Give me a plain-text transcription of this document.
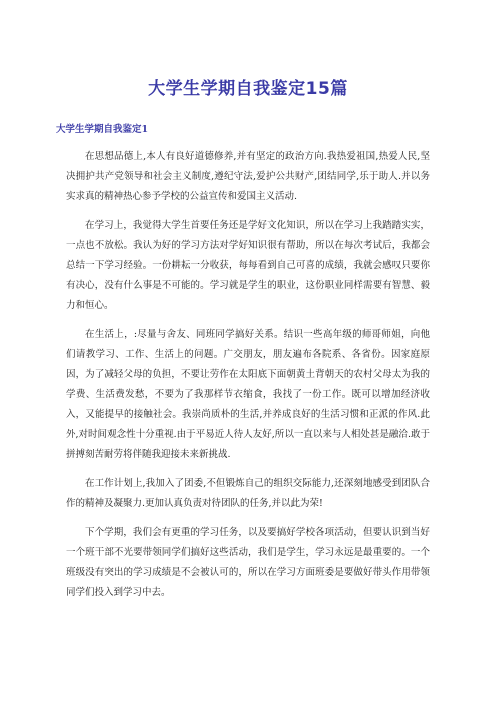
大学生学期自我鉴定15篇
大学生学期自我鉴定1

在思想品德上,本人有良好道德修养,并有坚定的政治方向.我热爱祖国,热爱人民,坚决拥护共产党领导和社会主义制度,遵纪守法,爱护公共财产,团结同学,乐于助人.并以务实求真的精神热心参予学校的公益宣传和爱国主义活动.

在学习上，我觉得大学生首要任务还是学好文化知识，所以在学习上我踏踏实实，一点也不放松。我认为好的学习方法对学好知识很有帮助，所以在每次考试后，我都会总结一下学习经验。一份耕耘一分收获，每每看到自己可喜的成绩，我就会感叹只要你有决心，没有什么事是不可能的。学习就是学生的职业，这份职业同样需要有智慧、毅力和恒心。

在生活上，:尽量与舍友、同班同学搞好关系。结识一些高年级的师哥师姐，向他们请教学习、工作、生活上的问题。广交朋友，朋友遍布各院系、各省份。因家庭原因，为了减轻父母的负担，不要让劳作在太阳底下面朝黄土背朝天的农村父母太为我的学费、生活费发愁，不要为了我那样节衣缩食，我找了一份工作。既可以增加经济收入，又能提早的接触社会。我崇尚质朴的生活,并养成良好的生活习惯和正派的作风.此外,对时间观念性十分重视.由于平易近人待人友好,所以一直以来与人相处甚是融洽.敢于拼搏刻苦耐劳将伴随我迎接未来新挑战.

在工作计划上,我加入了团委,不但锻炼自己的组织交际能力,还深刻地感受到团队合作的精神及凝聚力.更加认真负责对待团队的任务,并以此为荣!

下个学期，我们会有更重的学习任务，以及要搞好学校各项活动，但要认识到当好一个班干部不光要带领同学们搞好这些活动，我们是学生，学习永远是最重要的。一个班级没有突出的学习成绩是不会被认可的，所以在学习方面班委是要做好带头作用带领同学们投入到学习中去。
